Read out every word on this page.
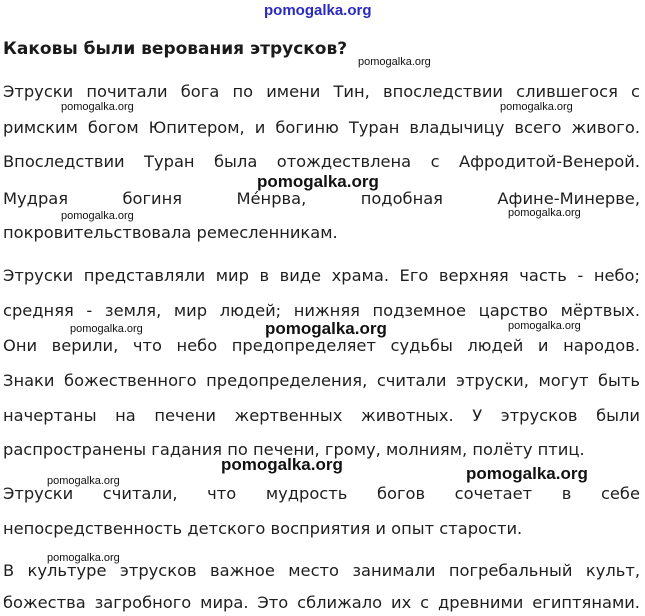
pomogalka.org
Каковы были верования этрусков?
pomogalka.org
Этруски почитали бога по имени Тин, впоследствии слившегося с
pomogalka.org	pomogalka.org
римским богом Юпитером, и богиню Туран владычицу всего живого.
Впоследствии Туран была отождествлена с Афродитой-Венерой.
pomogalka.org
Мудрая богиня Ме́нрва, подобная Афине-Минерве,
pomogalka.org	pomogalka.org
покровительствовала ремесленникам.
Этруски представляли мир в виде храма. Его верхняя часть - небо;
средняя - земля, мир людей; нижняя подземное царство мёртвых.
pomogalka.org	pomogalka.org	pomogalka.org
Они верили, что небо предопределяет судьбы людей и народов.
Знаки божественного предопределения, считали этруски, могут быть
начертаны на печени жертвенных животных. У этрусков были
распространены гадания по печени, грому, молниям, полёту птиц.
pomogalka.org	pomogalka.org
pomogalka.org
Этруски считали, что мудрость богов сочетает в себе
непосредственность детского восприятия и опыт старости.
pomogalka.org
В культуре этрусков важное место занимали погребальный культ,
божества загробного мира. Это сближало их с древними египтянами.
